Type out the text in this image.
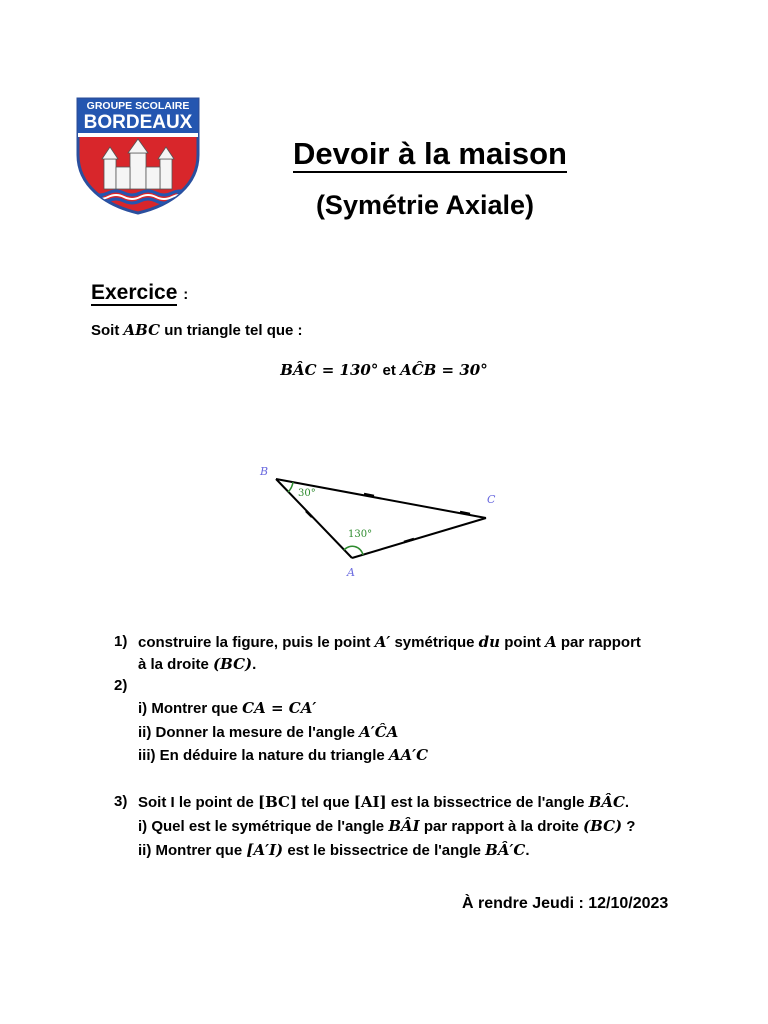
GROUPE SCOLAIRE
BORDEAUX
Devoir à la maison
(Symétrie Axiale)
Exercice :
Soit ABC un triangle tel que :
BÂC = 130° et AĈB = 30°
B
C
A
30°
130°
1) construire la figure, puis le point A′ symétrique du point A par rapport
à la droite (BC).
2)
i) Montrer que CA = CA′
ii) Donner la mesure de l'angle A′ĈA
iii) En déduire la nature du triangle AA′C
3) Soit I le point de [BC] tel que [AI] est la bissectrice de l'angle BÂC.
i) Quel est le symétrique de l'angle BÂI par rapport à la droite (BC) ?
ii) Montrer que [A′I) est le bissectrice de l'angle BÂ′C.
À rendre Jeudi : 12/10/2023
